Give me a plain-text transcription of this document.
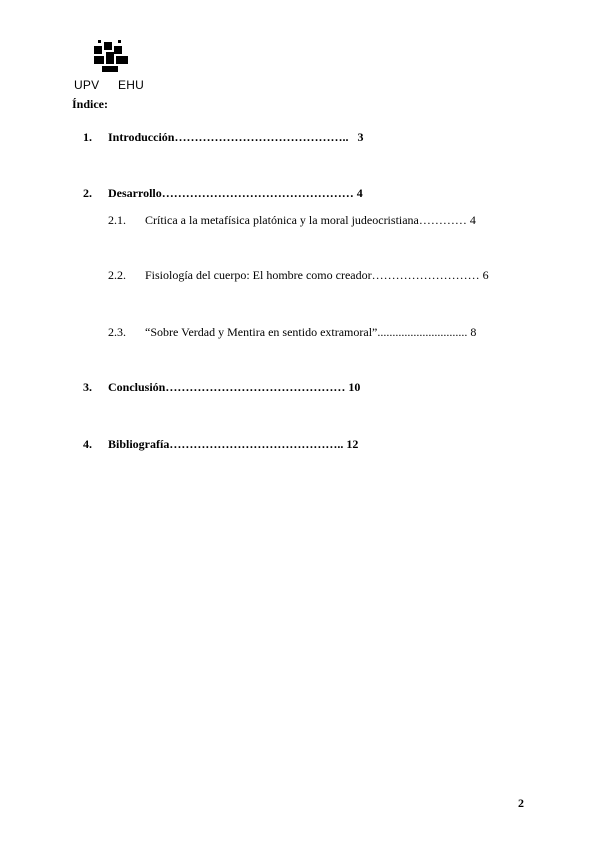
UPV EHU
Índice:
1. Introducción…………………………………….. 3
2. Desarrollo………………………………………… 4
2.1. Crítica a la metafísica platónica y la moral judeocristiana………… 4
2.2. Fisiología del cuerpo: El hombre como creador……………………… 6
2.3. “Sobre Verdad y Mentira en sentido extramoral”.............................. 8
3. Conclusión……………………………………… 10
4. Bibliografía…………………………………….. 12
2
